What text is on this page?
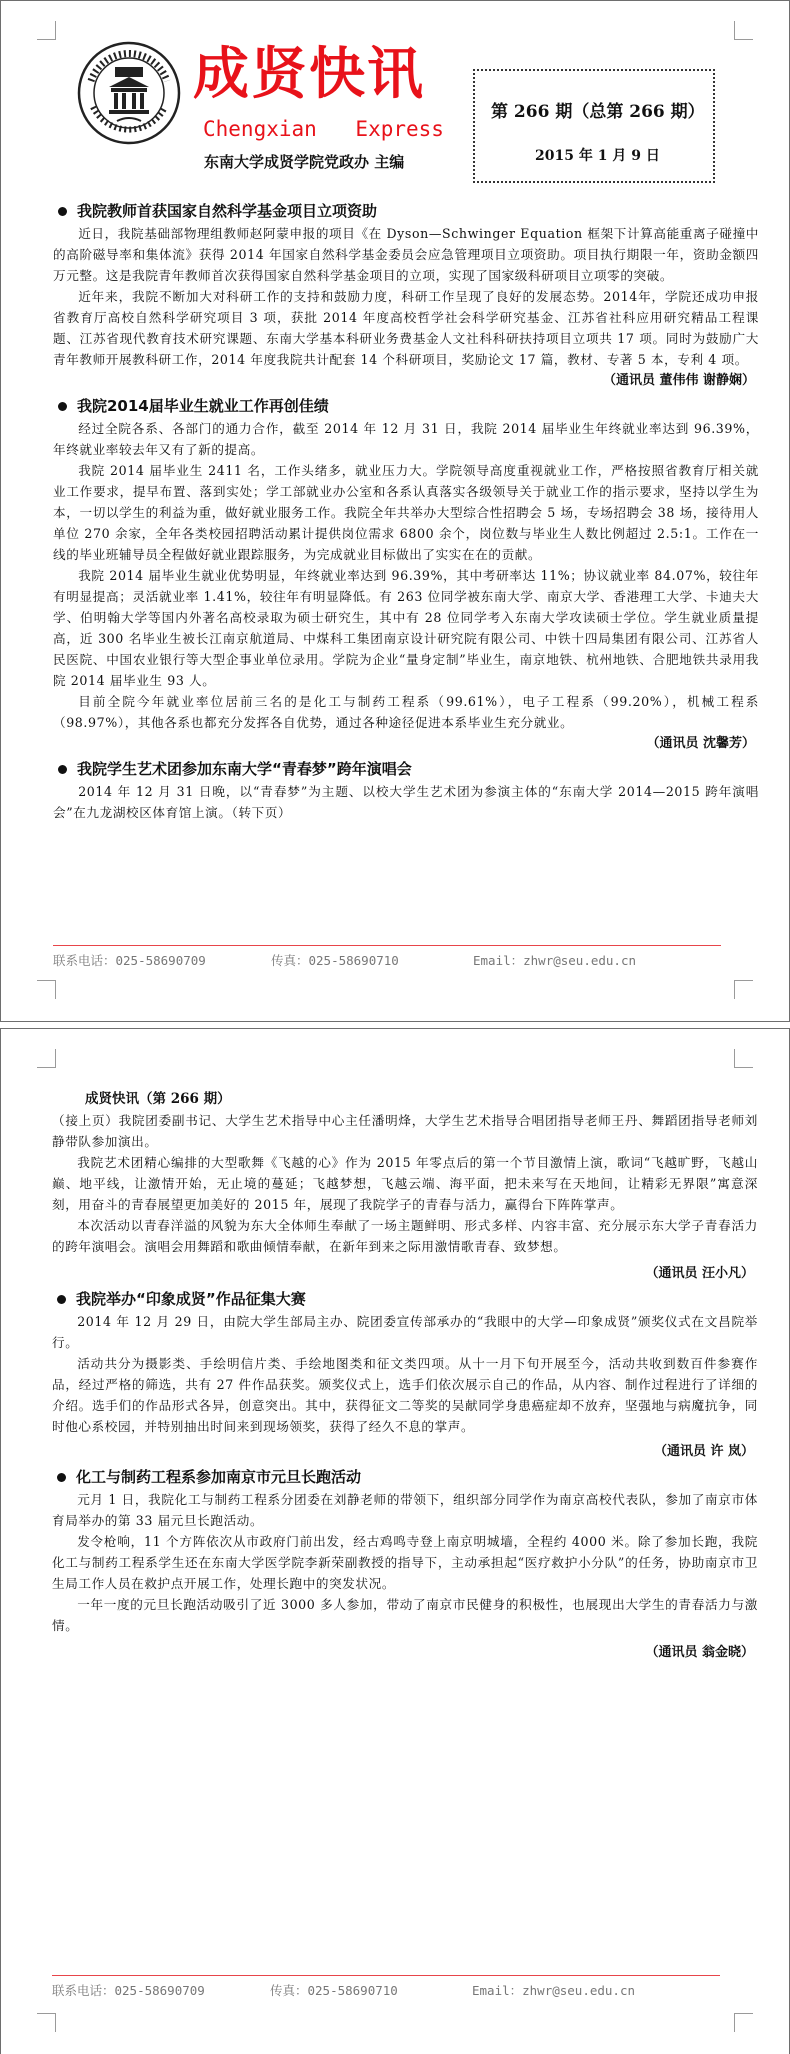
成贤快讯
Chengxian Express
东南大学成贤学院党政办 主编
第 266 期（总第 266 期）
2015 年 1 月 9 日
我院教师首获国家自然科学基金项目立项资助

近日，我院基础部物理组教师赵阿蒙申报的项目《在 Dyson—Schwinger Equation 框架下计算高能重离子碰撞中的高阶磁导率和集体流》获得 2014 年国家自然科学基金委员会应急管理项目立项资助。项目执行期限一年，资助金额四万元整。这是我院青年教师首次获得国家自然科学基金项目的立项，实现了国家级科研项目立项零的突破。

近年来，我院不断加大对科研工作的支持和鼓励力度，科研工作呈现了良好的发展态势。2014年，学院还成功申报省教育厅高校自然科学研究项目 3 项，获批 2014 年度高校哲学社会科学研究基金、江苏省社科应用研究精品工程课题、江苏省现代教育技术研究课题、东南大学基本科研业务费基金人文社科科研扶持项目立项共 17 项。同时为鼓励广大青年教师开展教科研工作，2014 年度我院共计配套 14 个科研项目，奖励论文 17 篇，教材、专著 5 本，专利 4 项。

（通讯员 董伟伟 谢静娴）
我院2014届毕业生就业工作再创佳绩

经过全院各系、各部门的通力合作，截至 2014 年 12 月 31 日，我院 2014 届毕业生年终就业率达到 96.39%，年终就业率较去年又有了新的提高。

我院 2014 届毕业生 2411 名，工作头绪多，就业压力大。学院领导高度重视就业工作，严格按照省教育厅相关就业工作要求，提早布置、落到实处；学工部就业办公室和各系认真落实各级领导关于就业工作的指示要求，坚持以学生为本，一切以学生的利益为重，做好就业服务工作。我院全年共举办大型综合性招聘会 5 场，专场招聘会 38 场，接待用人单位 270 余家，全年各类校园招聘活动累计提供岗位需求 6800 余个，岗位数与毕业生人数比例超过 2.5:1。工作在一线的毕业班辅导员全程做好就业跟踪服务，为完成就业目标做出了实实在在的贡献。

我院 2014 届毕业生就业优势明显，年终就业率达到 96.39%，其中考研率达 11%；协议就业率 84.07%，较往年有明显提高；灵活就业率 1.41%，较往年有明显降低。有 263 位同学被东南大学、南京大学、香港理工大学、卡迪夫大学、伯明翰大学等国内外著名高校录取为硕士研究生，其中有 28 位同学考入东南大学攻读硕士学位。学生就业质量提高，近 300 名毕业生被长江南京航道局、中煤科工集团南京设计研究院有限公司、中铁十四局集团有限公司、江苏省人民医院、中国农业银行等大型企事业单位录用。学院为企业“量身定制”毕业生，南京地铁、杭州地铁、合肥地铁共录用我院 2014 届毕业生 93 人。

目前全院今年就业率位居前三名的是化工与制药工程系（99.61%），电子工程系（99.20%），机械工程系（98.97%），其他各系也都充分发挥各自优势，通过各种途径促进本系毕业生充分就业。

（通讯员 沈馨芳）
我院学生艺术团参加东南大学“青春梦”跨年演唱会

2014 年 12 月 31 日晚，以“青春梦”为主题、以校大学生艺术团为参演主体的“东南大学 2014—2015 跨年演唱会”在九龙湖校区体育馆上演。（转下页）

联系电话：025-58690709	传真：025-58690710	Email：zhwr@seu.edu.cn
成贤快讯（第 266 期）

（接上页）我院团委副书记、大学生艺术指导中心主任潘明烽，大学生艺术指导合唱团指导老师王丹、舞蹈团指导老师刘静带队参加演出。

我院艺术团精心编排的大型歌舞《飞越的心》作为 2015 年零点后的第一个节目激情上演，歌词“飞越旷野，飞越山巅、地平线，让激情开始，无止境的蔓延；飞越梦想，飞越云端、海平面，把未来写在天地间，让精彩无界限”寓意深刻，用奋斗的青春展望更加美好的 2015 年，展现了我院学子的青春与活力，赢得台下阵阵掌声。

本次活动以青春洋溢的风貌为东大全体师生奉献了一场主题鲜明、形式多样、内容丰富、充分展示东大学子青春活力的跨年演唱会。演唱会用舞蹈和歌曲倾情奉献，在新年到来之际用激情歌青春、致梦想。

（通讯员 汪小凡）
我院举办“印象成贤”作品征集大赛

2014 年 12 月 29 日，由院大学生部局主办、院团委宣传部承办的“我眼中的大学—印象成贤”颁奖仪式在文昌院举行。

活动共分为摄影类、手绘明信片类、手绘地图类和征文类四项。从十一月下旬开展至今，活动共收到数百件参赛作品，经过严格的筛选，共有 27 件作品获奖。颁奖仪式上，选手们依次展示自己的作品，从内容、制作过程进行了详细的介绍。选手们的作品形式各异，创意突出。其中，获得征文二等奖的吴献同学身患癌症却不放弃，坚强地与病魔抗争，同时他心系校园，并特别抽出时间来到现场领奖，获得了经久不息的掌声。

（通讯员 许 岚）
化工与制药工程系参加南京市元旦长跑活动

元月 1 日，我院化工与制药工程系分团委在刘静老师的带领下，组织部分同学作为南京高校代表队，参加了南京市体育局举办的第 33 届元旦长跑活动。

发令枪响，11 个方阵依次从市政府门前出发，经古鸡鸣寺登上南京明城墙，全程约 4000 米。除了参加长跑，我院化工与制药工程系学生还在东南大学医学院李新荣副教授的指导下，主动承担起“医疗救护小分队”的任务，协助南京市卫生局工作人员在救护点开展工作，处理长跑中的突发状况。

一年一度的元旦长跑活动吸引了近 3000 多人参加，带动了南京市民健身的积极性，也展现出大学生的青春活力与激情。

（通讯员 翁金晓）
联系电话：025-58690709	传真：025-58690710	Email：zhwr@seu.edu.cn
